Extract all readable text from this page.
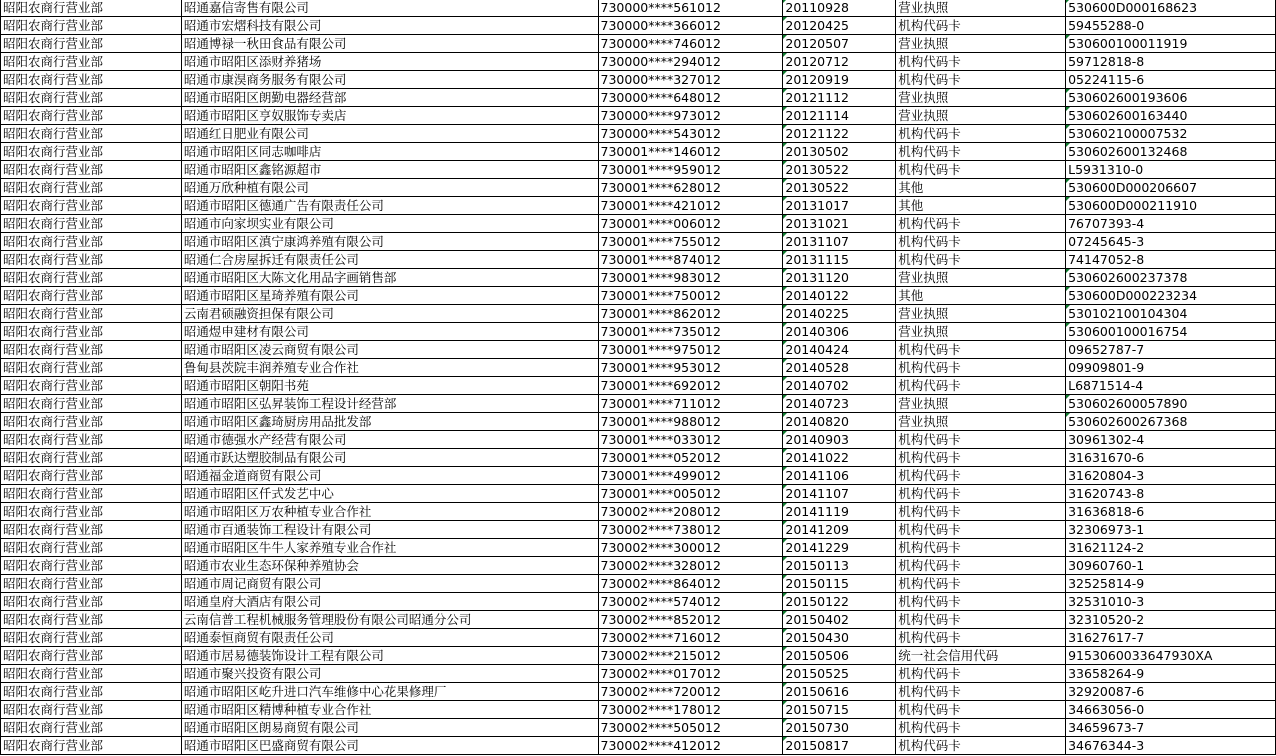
昭阳农商行营业部	昭通嘉信寄售有限公司	730000****561012	20110928	营业执照	530600D000168623
昭阳农商行营业部	昭通市宏熠科技有限公司	730000****366012	20120425	机构代码卡	59455288-0
昭阳农商行营业部	昭通博禄一秋田食品有限公司	730000****746012	20120507	营业执照	530600100011919
昭阳农商行营业部	昭通市昭阳区添财养猪场	730000****294012	20120712	机构代码卡	59712818-8
昭阳农商行营业部	昭通市康淏商务服务有限公司	730000****327012	20120919	机构代码卡	05224115-6
昭阳农商行营业部	昭通市昭阳区朗勤电器经营部	730000****648012	20121112	营业执照	530602600193606
昭阳农商行营业部	昭通市昭阳区亨奴服饰专卖店	730000****973012	20121114	营业执照	530602600163440
昭阳农商行营业部	昭通红日肥业有限公司	730000****543012	20121122	机构代码卡	530602100007532
昭阳农商行营业部	昭通市昭阳区同志咖啡店	730001****146012	20130502	机构代码卡	530602600132468
昭阳农商行营业部	昭通市昭阳区鑫铭源超市	730001****959012	20130522	机构代码卡	L5931310-0
昭阳农商行营业部	昭通万欣种植有限公司	730001****628012	20130522	其他	530600D000206607
昭阳农商行营业部	昭通市昭阳区德通广告有限责任公司	730001****421012	20131017	其他	530600D000211910
昭阳农商行营业部	昭通市向家坝实业有限公司	730001****006012	20131021	机构代码卡	76707393-4
昭阳农商行营业部	昭通市昭阳区滇宁康鸿养殖有限公司	730001****755012	20131107	机构代码卡	07245645-3
昭阳农商行营业部	昭通仁合房屋拆迁有限责任公司	730001****874012	20131115	机构代码卡	74147052-8
昭阳农商行营业部	昭通市昭阳区大陈文化用品字画销售部	730001****983012	20131120	营业执照	530602600237378
昭阳农商行营业部	昭通市昭阳区星琦养殖有限公司	730001****750012	20140122	其他	530600D000223234
昭阳农商行营业部	云南君硕融资担保有限公司	730001****862012	20140225	营业执照	530102100104304
昭阳农商行营业部	昭通煜申建材有限公司	730001****735012	20140306	营业执照	530600100016754
昭阳农商行营业部	昭通市昭阳区凌云商贸有限公司	730001****975012	20140424	机构代码卡	09652787-7
昭阳农商行营业部	鲁甸县茨院丰润养殖专业合作社	730001****953012	20140528	机构代码卡	09909801-9
昭阳农商行营业部	昭通市昭阳区朝阳书苑	730001****692012	20140702	机构代码卡	L6871514-4
昭阳农商行营业部	昭通市昭阳区弘昇装饰工程设计经营部	730001****711012	20140723	营业执照	530602600057890
昭阳农商行营业部	昭通市昭阳区鑫琦厨房用品批发部	730001****988012	20140820	营业执照	530602600267368
昭阳农商行营业部	昭通市德强水产经营有限公司	730001****033012	20140903	机构代码卡	30961302-4
昭阳农商行营业部	昭通市跃达塑胶制品有限公司	730001****052012	20141022	机构代码卡	31631670-6
昭阳农商行营业部	昭通福金道商贸有限公司	730001****499012	20141106	机构代码卡	31620804-3
昭阳农商行营业部	昭通市昭阳区仟式发艺中心	730001****005012	20141107	机构代码卡	31620743-8
昭阳农商行营业部	昭通市昭阳区万农种植专业合作社	730002****208012	20141119	机构代码卡	31636818-6
昭阳农商行营业部	昭通市百通装饰工程设计有限公司	730002****738012	20141209	机构代码卡	32306973-1
昭阳农商行营业部	昭通市昭阳区牛牛人家养殖专业合作社	730002****300012	20141229	机构代码卡	31621124-2
昭阳农商行营业部	昭通市农业生态环保种养殖协会	730002****328012	20150113	机构代码卡	30960760-1
昭阳农商行营业部	昭通市周记商贸有限公司	730002****864012	20150115	机构代码卡	32525814-9
昭阳农商行营业部	昭通皇府大酒店有限公司	730002****574012	20150122	机构代码卡	32531010-3
昭阳农商行营业部	云南信普工程机械服务管理股份有限公司昭通分公司	730002****852012	20150402	机构代码卡	32310520-2
昭阳农商行营业部	昭通泰恒商贸有限责任公司	730002****716012	20150430	机构代码卡	31627617-7
昭阳农商行营业部	昭通市居易德装饰设计工程有限公司	730002****215012	20150506	统一社会信用代码	9153060033647930XA
昭阳农商行营业部	昭通市聚兴投资有限公司	730002****017012	20150525	机构代码卡	33658264-9
昭阳农商行营业部	昭通市昭阳区屹升进口汽车维修中心花果修理厂	730002****720012	20150616	机构代码卡	32920087-6
昭阳农商行营业部	昭通市昭阳区精博种植专业合作社	730002****178012	20150715	机构代码卡	34663056-0
昭阳农商行营业部	昭通市昭阳区朗易商贸有限公司	730002****505012	20150730	机构代码卡	34659673-7
昭阳农商行营业部	昭通市昭阳区巴盛商贸有限公司	730002****412012	20150817	机构代码卡	34676344-3
